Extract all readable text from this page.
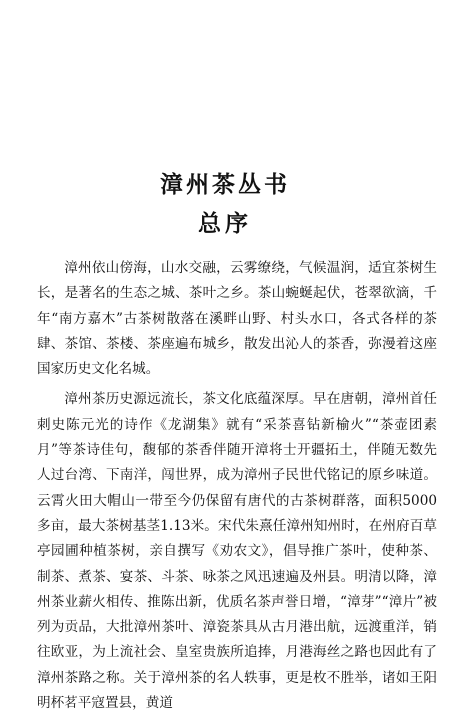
漳州茶丛书
总序

漳州依山傍海，山水交融，云雾缭绕，气候温润，适宜茶树生长，是著名的生态之城、茶叶之乡。茶山蜿蜒起伏，苍翠欲滴，千年“南方嘉木”古茶树散落在溪畔山野、村头水口，各式各样的茶肆、茶馆、茶楼、茶座遍布城乡，散发出沁人的茶香，弥漫着这座国家历史文化名城。

漳州茶历史源远流长，茶文化底蕴深厚。早在唐朝，漳州首任刺史陈元光的诗作《龙湖集》就有“采茶喜钻新榆火”“茶壶团素月”等茶诗佳句，馥郁的茶香伴随开漳将士开疆拓土，伴随无数先人过台湾、下南洋，闯世界，成为漳州子民世代铭记的原乡味道。云霄火田大帽山一带至今仍保留有唐代的古茶树群落，面积5000多亩，最大茶树基茎1.13米。宋代朱熹任漳州知州时，在州府百草亭园圃种植茶树，亲自撰写《劝农文》，倡导推广茶叶，使种茶、制茶、煮茶、宴茶、斗茶、咏茶之风迅速遍及州县。明清以降，漳州茶业薪火相传、推陈出新，优质名茶声誉日增，“漳芽”“漳片”被列为贡品，大批漳州茶叶、漳瓷茶具从古月港出航，远渡重洋，销往欧亚，为上流社会、皇室贵族所追捧，月港海丝之路也因此有了漳州茶路之称。关于漳州茶的名人轶事，更是枚不胜举，诸如王阳明杯茗平寇置县，黄道
